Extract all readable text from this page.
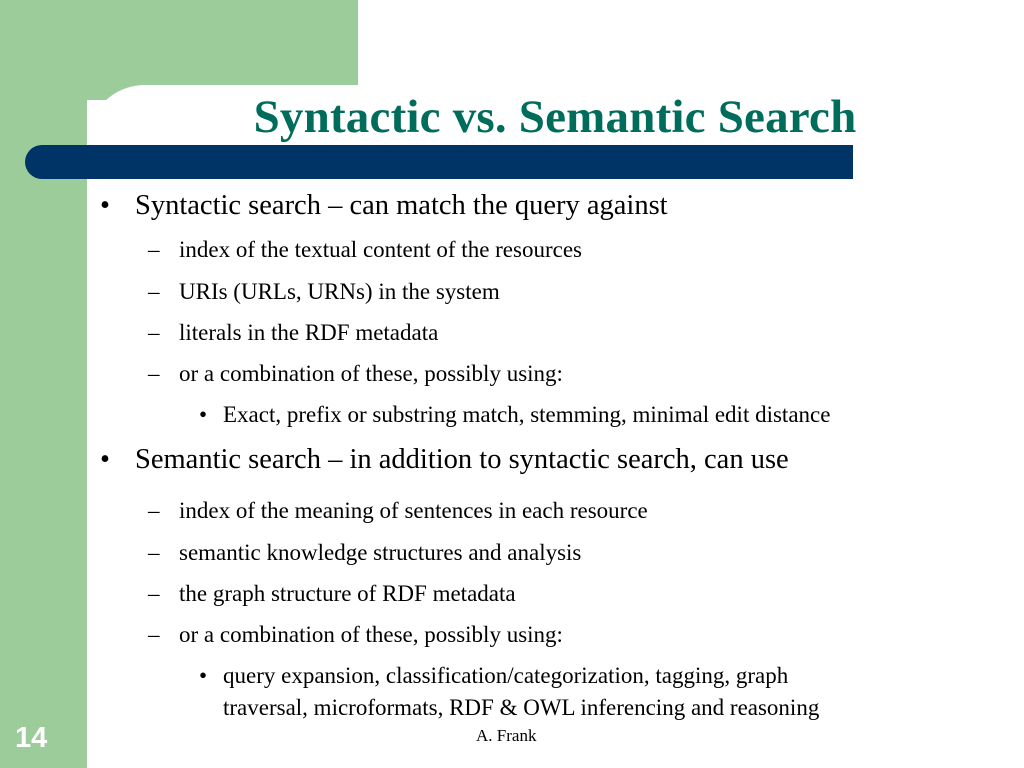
Syntactic vs. Semantic Search
• Syntactic search – can match the query against
– index of the textual content of the resources
– URIs (URLs, URNs) in the system
– literals in the RDF metadata
– or a combination of these, possibly using:
• Exact, prefix or substring match, stemming, minimal edit distance
• Semantic search – in addition to syntactic search, can use
– index of the meaning of sentences in each resource
– semantic knowledge structures and analysis
– the graph structure of RDF metadata
– or a combination of these, possibly using:
• query expansion, classification/categorization, tagging, graph
traversal, microformats, RDF & OWL inferencing and reasoning
14	A. Frank
